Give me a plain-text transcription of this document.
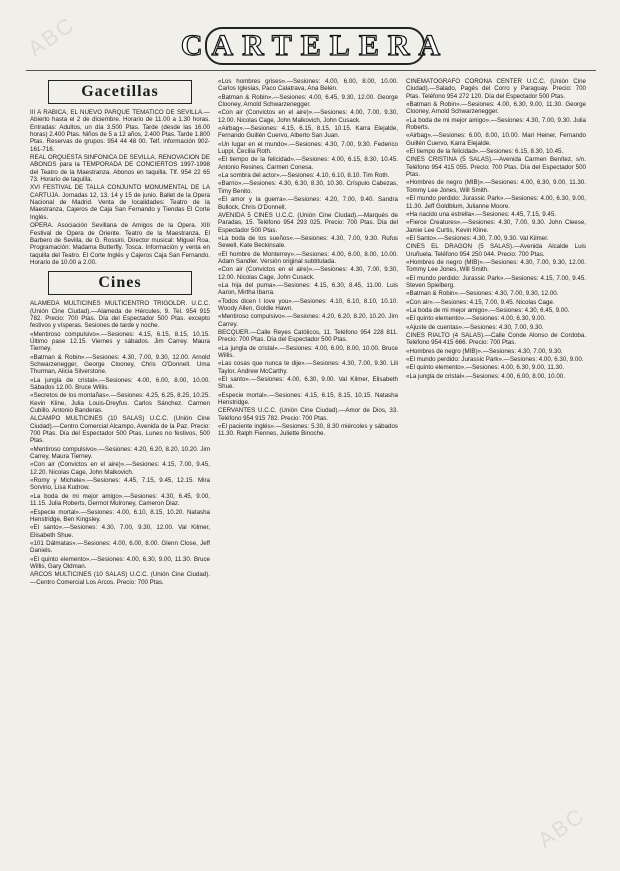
ABC
ABC
CARTELERA
Gacetillas

III A RABICA, EL NUEVO PARQUE TEMATICO DE SEVILLA.—Abierto hasta el 2 de diciembre. Horario de 11.00 a 1.30 horas. Entradas: Adultos, un día 3.500 Ptas. Tarde (desde las 16.00 horas) 2.400 Ptas. Niños de 5 a 12 años, 2.400 Ptas. Tarde 1.800 Ptas. Reservas de grupos: 954 44 48 00. Telf. información 902-161-716.

REAL ORQUESTA SINFONICA DE SEVILLA. RENOVACION DE ABONOS para la TEMPORADA DE CONCIERTOS 1997-1998 del Teatro de la Maestranza. Abonos en taquilla. Tlf. 954 22 65 73. Horario de taquilla.

XVI FESTIVAL DE TALLA CONJUNTO MONUMENTAL DE LA CARTUJA. Jornadas 12, 13, 14 y 15 de junio. Ballet de la Opera Nacional de Madrid. Venta de localidades: Teatro de la Maestranza, Cajeros de Caja San Fernando y Tiendas El Corte Inglés.

OPERA. Asociación Sevillana de Amigos de la Opera. XIII Festival de Opera de Oriente. Teatro de la Maestranza. El Barbero de Sevilla, de G. Rossini. Director musical: Miguel Roa. Programación: Madama Butterfly. Tosca. Información y venta en taquilla del Teatro. El Corte Inglés y Cajeros Caja San Fernando. Horario de 10.00 a 2.00.

Cines

ALAMEDA MULTICINES MULTICENTRO TRIGOLDR. U.C.C. (Unión Cine Ciudad).—Alameda de Hércules, 9. Tel. 954 915 782. Precio: 700 Ptas. Día del Espectador 500 Ptas. excepto festivos y vísperas. Sesiones de tarde y noche.

«Mentiroso compulsivo».—Sesiones: 4.15, 6.15, 8.15, 10.15. Último pase 12.15. Viernes y sábados. Jim Carrey. Maura Tierney.

«Batman & Robin».—Sesiones: 4.30, 7.00, 9.30, 12.00. Arnold Schwarzenegger, George Clooney, Chris O'Donnell. Uma Thurman, Alicia Silverstone.

«La jungla de cristal».—Sesiones: 4.00, 6.00, 8.00, 10.00. Sábados 12.00. Bruce Willis.

«Secretos de los montañas».—Sesiones: 4.25, 6.25, 8.25, 10.25. Kevin Kline, Julia Louis-Dreyfus. Carlos Sánchez. Carmen Cubillo. Antonio Banderas.

ALCAMPO MULTICINES (10 SALAS) U.C.C. (Unión Cine Ciudad).—Centro Comercial Alcampo, Avenida de la Paz. Precio: 700 Ptas. Día del Espectador 500 Ptas. Lunes no festivos, 500 Ptas.

«Mentiroso compulsivo».—Sesiones: 4.20, 6.20, 8.20, 10.20. Jim Carrey, Maura Tierney.

«Con air (Convictos en el aire)».—Sesiones: 4.15, 7.00, 9.45, 12.20. Nicolas Cage, John Malkovich.

«Romy y Michele».—Sesiones: 4.45, 7.15, 9.45, 12.15. Mira Sorvino, Lisa Kudrow.

«La boda de mi mejor amigo».—Sesiones: 4.30, 6.45, 9.00, 11.15. Julia Roberts, Dermot Mulroney, Cameron Diaz.

«Especie mortal».—Sesiones: 4.00, 6.10, 8.15, 10.20. Natasha Henstridge, Ben Kingsley.

«El santo».—Sesiones: 4.30, 7.00, 9.30, 12.00. Val Kilmer, Elisabeth Shue.

«101 Dálmatas».—Sesiones: 4.00, 6.00, 8.00. Glenn Close, Jeff Daniels.

«El quinto elemento».—Sesiones: 4.00, 6.30, 9.00, 11.30. Bruce Willis, Gary Oldman.

ARCOS MULTICINES (10 SALAS) U.C.C. (Unión Cine Ciudad).—Centro Comercial Los Arcos. Precio: 700 Ptas.

«Los hombres grises».—Sesiones: 4.00, 6.00, 8.00, 10.00. Carlos Iglesias, Paco Calatrava, Ana Belén.

«Batman & Robin».—Sesiones: 4.00, 6.45, 9.30, 12.00. George Clooney, Arnold Schwarzenegger.

«Con air (Convictos en el aire)».—Sesiones: 4.00, 7.00, 9.30, 12.00. Nicolas Cage, John Malkovich, John Cusack.

«Airbag».—Sesiones: 4.15, 6.15, 8.15, 10.15. Karra Elejalde, Fernando Guillén Cuervo, Alberto San Juan.

«Un lugar en el mundo».—Sesiones: 4.30, 7.00, 9.30. Federico Luppi, Cecilia Roth.

«El tiempo de la felicidad».—Sesiones: 4.00, 6.15, 8.30, 10.45. Antonio Resines, Carmen Conesa.

«La sombra del actor».—Sesiones: 4.10, 6.10, 8.10. Tim Roth.

«Barrio».—Sesiones: 4.30, 6.30, 8.30, 10.30. Críspulo Cabezas, Timy Benito.

«El amor y la guerra».—Sesiones: 4.20, 7.00, 9.40. Sandra Bullock, Chris O'Donnell.

AVENIDA 5 CINES U.C.C. (Unión Cine Ciudad).—Marqués de Paradas, 15. Teléfono 954 293 025. Precio: 700 Ptas. Día del Espectador 500 Ptas.

«La boda de los sueños».—Sesiones: 4.30, 7.00, 9.30. Rufus Sewell, Kate Beckinsale.

«El hombre de Monterrey».—Sesiones: 4.00, 6.00, 8.00, 10.00. Adam Sandler. Versión original subtitulada.

«Con air (Convictos en el aire)».—Sesiones: 4.30, 7.00, 9.30, 12.00. Nicolas Cage, John Cusack.

«La hija del puma».—Sesiones: 4.15, 6.30, 8.45, 11.00. Luis Aaron, Mirtha Ibarra.

«Todos dicen I love you».—Sesiones: 4.10, 6.10, 8.10, 10.10. Woody Allen, Goldie Hawn.

«Mentiroso compulsivo».—Sesiones: 4.20, 6.20, 8.20, 10.20. Jim Carrey.

BECQUER.—Calle Reyes Católicos, 11. Teléfono 954 228 811. Precio: 700 Ptas. Día del Espectador 500 Ptas.

«La jungla de cristal».—Sesiones: 4.00, 6.00, 8.00, 10.00. Bruce Willis.

«Las cosas que nunca te dije».—Sesiones: 4.30, 7.00, 9.30. Lili Taylor, Andrew McCarthy.

«El santo».—Sesiones: 4.00, 6.30, 9.00. Val Kilmer, Elisabeth Shue.

«Especie mortal».—Sesiones: 4.15, 6.15, 8.15, 10.15. Natasha Henstridge.

CERVANTES U.C.C. (Unión Cine Ciudad).—Amor de Dios, 33. Teléfono 954 915 782. Precio: 700 Ptas.

«El paciente inglés».—Sesiones: 5.30, 8.30 miércoles y sábados 11.30. Ralph Fiennes, Juliette Binoche.

CINEMATOGRAFO CORONA CENTER U.C.C. (Unión Cine Ciudad).—Salado, Pagés del Corro y Paraguay. Precio: 700 Ptas. Teléfono 954 272 120. Día del Espectador 500 Ptas.

«Batman & Robin».—Sesiones: 4.00, 6.30, 9.00, 11.30. George Clooney, Arnold Schwarzenegger.

«La boda de mi mejor amigo».—Sesiones: 4.30, 7.00, 9.30. Julia Roberts.

«Airbag».—Sesiones: 6.00, 8.00, 10.00. Mari Heiner, Fernando Guillén Cuervo, Karra Elejalde.

«El tiempo de la felicidad».—Sesiones: 6.15, 8.30, 10.45.

CINES CRISTINA (5 SALAS).—Avenida Carmen Benítez, s/n. Teléfono 954 415 055. Precio: 700 Ptas. Día del Espectador 500 Ptas.

«Hombres de negro (MIB)».—Sesiones: 4.00, 6.30, 9.00, 11.30. Tommy Lee Jones, Will Smith.

«El mundo perdido: Jurassic Park».—Sesiones: 4.00, 6.30, 9.00, 11.30. Jeff Goldblum, Julianne Moore.

«Ha nacido una estrella».—Sesiones: 4.45, 7.15, 9.45.

«Fierce Creatures».—Sesiones: 4.30, 7.00, 9.30. John Cleese, Jamie Lee Curtis, Kevin Kline.

«El Santo».—Sesiones: 4.30, 7.00, 9.30. Val Kilmer.

CINES EL DRAGON (5 SALAS).—Avenida Alcalde Luis Uruñuela. Teléfono 954 250 044. Precio: 700 Ptas.

«Hombres de negro (MIB)».—Sesiones: 4.30, 7.00, 9.30, 12.00. Tommy Lee Jones, Will Smith.

«El mundo perdido: Jurassic Park».—Sesiones: 4.15, 7.00, 9.45. Steven Spielberg.

«Batman & Robin».—Sesiones: 4.30, 7.00, 9.30, 12.00.

«Con air».—Sesiones: 4.15, 7.00, 9.45. Nicolas Cage.

«La boda de mi mejor amigo».—Sesiones: 4.30, 6.45, 9.00.

«El quinto elemento».—Sesiones: 4.00, 6.30, 9.00.

«Ajuste de cuentas».—Sesiones: 4.30, 7.00, 9.30.

CINES RIALTO (4 SALAS).—Calle Conde Alonso de Cordoba. Teléfono 954 415 666. Precio: 700 Ptas.

«Hombres de negro (MIB)».—Sesiones: 4.30, 7.00, 9.30.

«El mundo perdido: Jurassic Park».—Sesiones: 4.00, 6.30, 9.00.

«El quinto elemento».—Sesiones: 4.00, 6.30, 9.00, 11.30.

«La jungla de cristal».—Sesiones: 4.00, 6.00, 8.00, 10.00.
